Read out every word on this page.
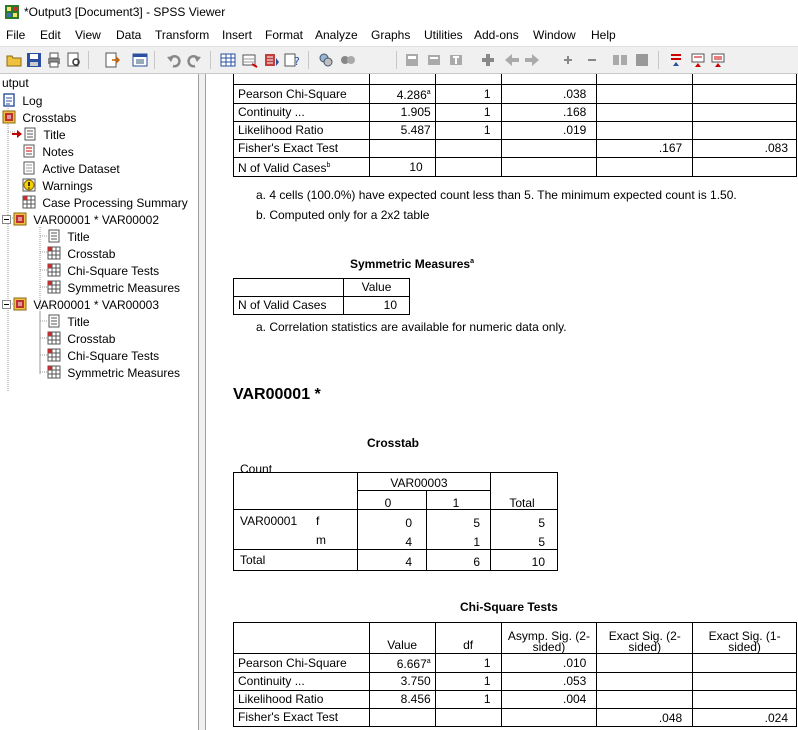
*Output3 [Document3] - SPSS Viewer
File Edit View Data Transform Insert Format Analyze Graphs Utilities Add-ons Window Help
?
utput
Log
Crosstabs
Title
Notes
Active Dataset
Warnings
Case Processing Summary
VAR00001 * VAR00002
Title
Crosstab
Chi-Square Tests
Symmetric Measures
VAR00001 * VAR00003
Title
Crosstab
Chi-Square Tests
Symmetric Measures

Pearson Chi-Square	4.286$^a$	1	.038		
Continuity ...	1.905	1	.168		
Likelihood Ratio	5.487	1	.019		
Fisher's Exact Test				.167	.083
N of Valid Cases$^b$	10				
a. 4 cells (100.0%) have expected count less than 5. The minimum expected count is 1.50.
b. Computed only for a 2x2 table
Symmetric Measures$^a$
	Value
N of Valid Cases	10
a. Correlation statistics are available for numeric data only.
VAR00001 *
Crosstab
Count
VAR00003
0	1	Total
VAR00001 f	0	5	5
m	4	1	5
Total	4	6	10
Chi-Square Tests
	Value	df	Asymp. Sig. (2-sided)	Exact Sig. (2-sided)	Exact Sig. (1-sided)
Pearson Chi-Square	6.667$^a$	1	.010		
Continuity ...	3.750	1	.053		
Likelihood Ratio	8.456	1	.004		
Fisher's Exact Test				.048	.024
